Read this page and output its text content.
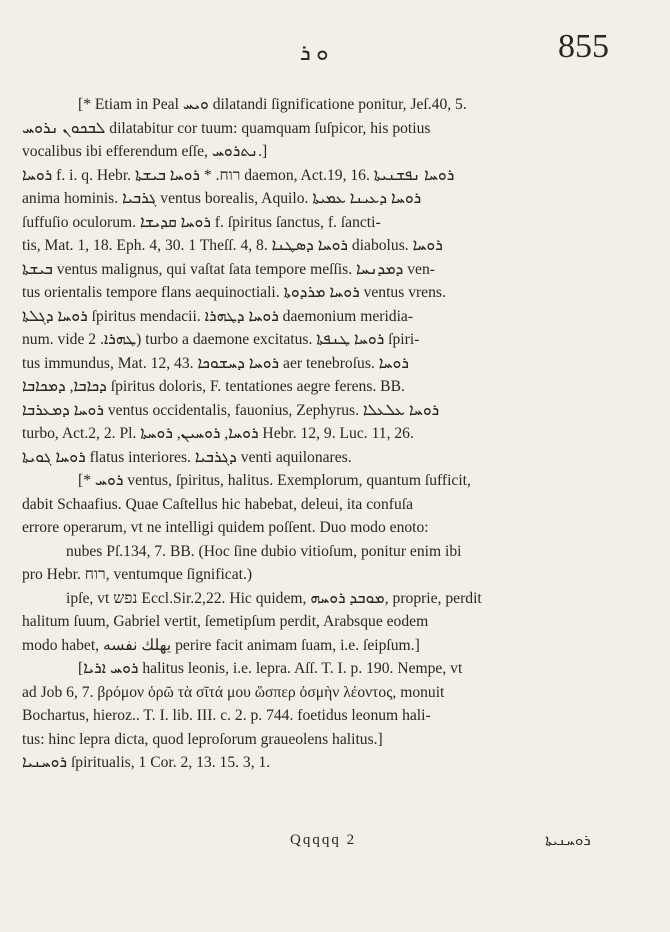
ܘ ܪ	855
[* Etiam in Peal ܘܝܚ dilatandi ſignificatione ponitur, Jeſ.40, 5.
ܠܒܟܘܢ ܢܪܘܚ dilatabitur cor tuum: quamquam ſuſpicor, his potius
vocalibus ibi efferendum eſſe, ܢܬܪܘܚ.]
ܪܘܚܐ f. i. q. Hebr. רוח. * ܪܘܚܐ ܒܝܫܬܐ daemon, Act.19, 16. ܪܘܚܐ ܢܦܫܢܝܬܐ
anima hominis. ܓܪܒܝܐ ventus borealis, Aquilo. ܪܘܚܐ ܕܥܝܢܐ ܥܡܝܬܐ
ſuffuſio oculorum. ܪܘܚܐ ܩܕܝܫܐ f. ſpiritus ſanctus, f. ſancti-
tis, Mat. 1, 18. Eph. 4, 30. 1 Theſſ. 4, 8. ܪܘܚܐ ܕܣܛܢܐ diabolus. ܪܘܚܐ
ܒܝܫܬܐ ventus malignus, qui vaſtat ſata tempore meſſis. ܕܡܕܢܚܐ ven-
tus orientalis tempore flans aequinoctiali. ܪܘܚܐ ܡܪܕܘܬܐ ventus vrens.
ܪܘܚܐ ܕܓܠܬܐ ſpiritus mendacii. ܪܘܚܐ ܕܛܗܪܐ daemonium meridia-
num. vide ܛܗܪܐ. 2) turbo a daemone excitatus. ܪܘܚܐ ܛܢܦܬܐ ſpiri-
tus immundus, Mat. 12, 43. ܪܘܚܐ ܕܚܫܘܟܐ aer tenebroſus. ܪܘܚܐ
ܕܟܐܒܐ, ܕܡܟܐܒܐ ſpiritus doloris, F. tentationes aegre ferens. BB.
ܪܘܚܐ ܕܡܥܪܒܐ ventus occidentalis, fauonius, Zephyrus. ܪܘܚܐ ܥܠܥܠܐ
turbo, Act.2, 2. Pl. ܪܘܚܐ, ܪܘܚܝܢ, ܪܘܚܬܐ Hebr. 12, 9. Luc. 11, 26.
ܪܘܚܐ ܓܘܝܬܐ flatus interiores. ܕܓܪܒܝܐ venti aquilonares.
[* ܪܘܚ ventus, ſpiritus, halitus. Exemplorum, quantum ſufficit,
dabit Schaafius. Quae Caſtellus hic habebat, deleui, ita confuſa
errore operarum, vt ne intelligi quidem poſſent. Duo modo enoto:
nubes Pſ.134, 7. BB. (Hoc ſine dubio vitioſum, ponitur enim ibi
pro Hebr. רוח, ventumque ſignificat.)
ipſe, vt נפש Eccl.Sir.2,22. Hic quidem, ܡܘܒܕ ܪܘܚܗ, proprie, perdit
halitum ſuum, Gabriel vertit, ſemetipſum perdit, Arabsque eodem
modo habet, يهلك نفسه perire facit animam ſuam, i.e. ſeipſum.]
[ܪܘܚ ܐܪܝܐ halitus leonis, i.e. lepra. Aſſ. T. I. p. 190. Nempe, vt
ad Job 6, 7. βρόμον ὁρῶ τὰ σῖτά μου ὥσπερ ὀσμὴν λέοντος, monuit
Bochartus, hieroz.. T. I. lib. III. c. 2. p. 744. foetidus leonum hali-
tus: hinc lepra dicta, quod leproſorum graueolens halitus.]
ܪܘܚܢܝܐ ſpiritualis, 1 Cor. 2, 13. 15. 3, 1.
Qqqqq 2	ܪܘܚܢܝܬܐ
